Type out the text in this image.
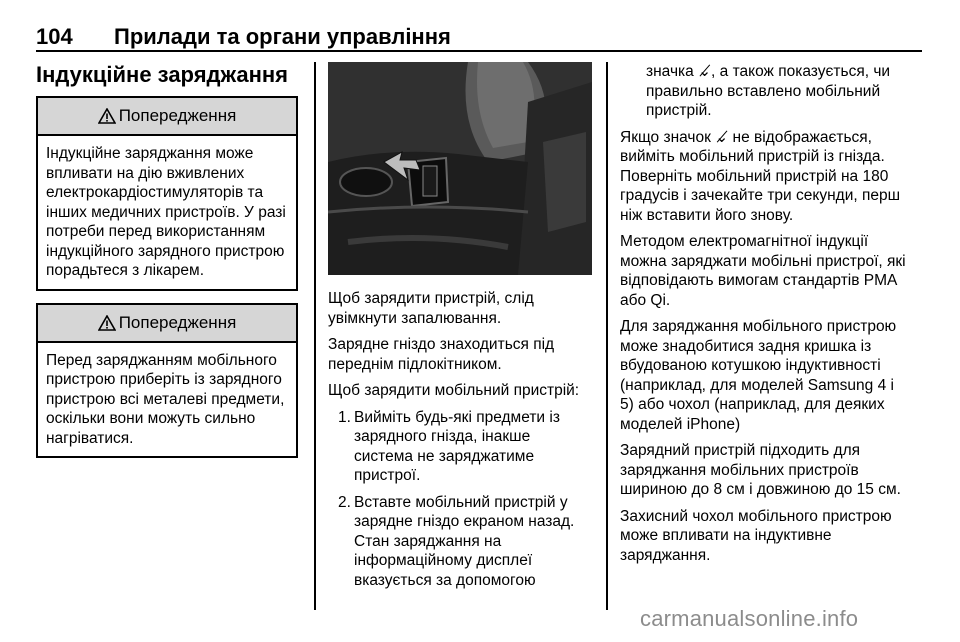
104 Прилади та органи управління
Індукційне заряджання
Попередження
Індукційне заряджання може впливати на дію вживлених електрокардіостимуляторів та інших медичних пристроїв. У разі потреби перед використанням індукційного зарядного пристрою порадьтеся з лікарем.
Попередження
Перед заряджанням мобільного пристрою приберіть із зарядного пристрою всі металеві предмети, оскільки вони можуть сильно нагріватися.

Щоб зарядити пристрій, слід увімкнути запалювання.

Зарядне гніздо знаходиться під переднім підлокітником.

Щоб зарядити мобільний пристрій:

1. Вийміть будь-які предмети із зарядного гнізда, інакше система не заряджатиме пристрої.
2. Вставте мобільний пристрій у зарядне гніздо екраном назад. Стан заряджання на інформаційному дисплеї вказується за допомогою

значка ⌄̸, а також показується, чи правильно вставлено мобільний пристрій.

Якщо значок ⌄̸ не відображається, вийміть мобільний пристрій із гнізда. Поверніть мобільний пристрій на 180 градусів і зачекайте три секунди, перш ніж вставити його знову.

Методом електромагнітної індукції можна заряджати мобільні пристрої, які відповідають вимогам стандартів PMA або Qi.

Для заряджання мобільного пристрою може знадобитися задня кришка із вбудованою котушкою індуктивності (наприклад, для моделей Samsung 4 і 5) або чохол (наприклад, для деяких моделей iPhone)

Зарядний пристрій підходить для заряджання мобільних пристроїв шириною до 8 см і довжиною до 15 см.

Захисний чохол мобільного пристрою може впливати на індуктивне заряджання.

carmanualsonline.info
